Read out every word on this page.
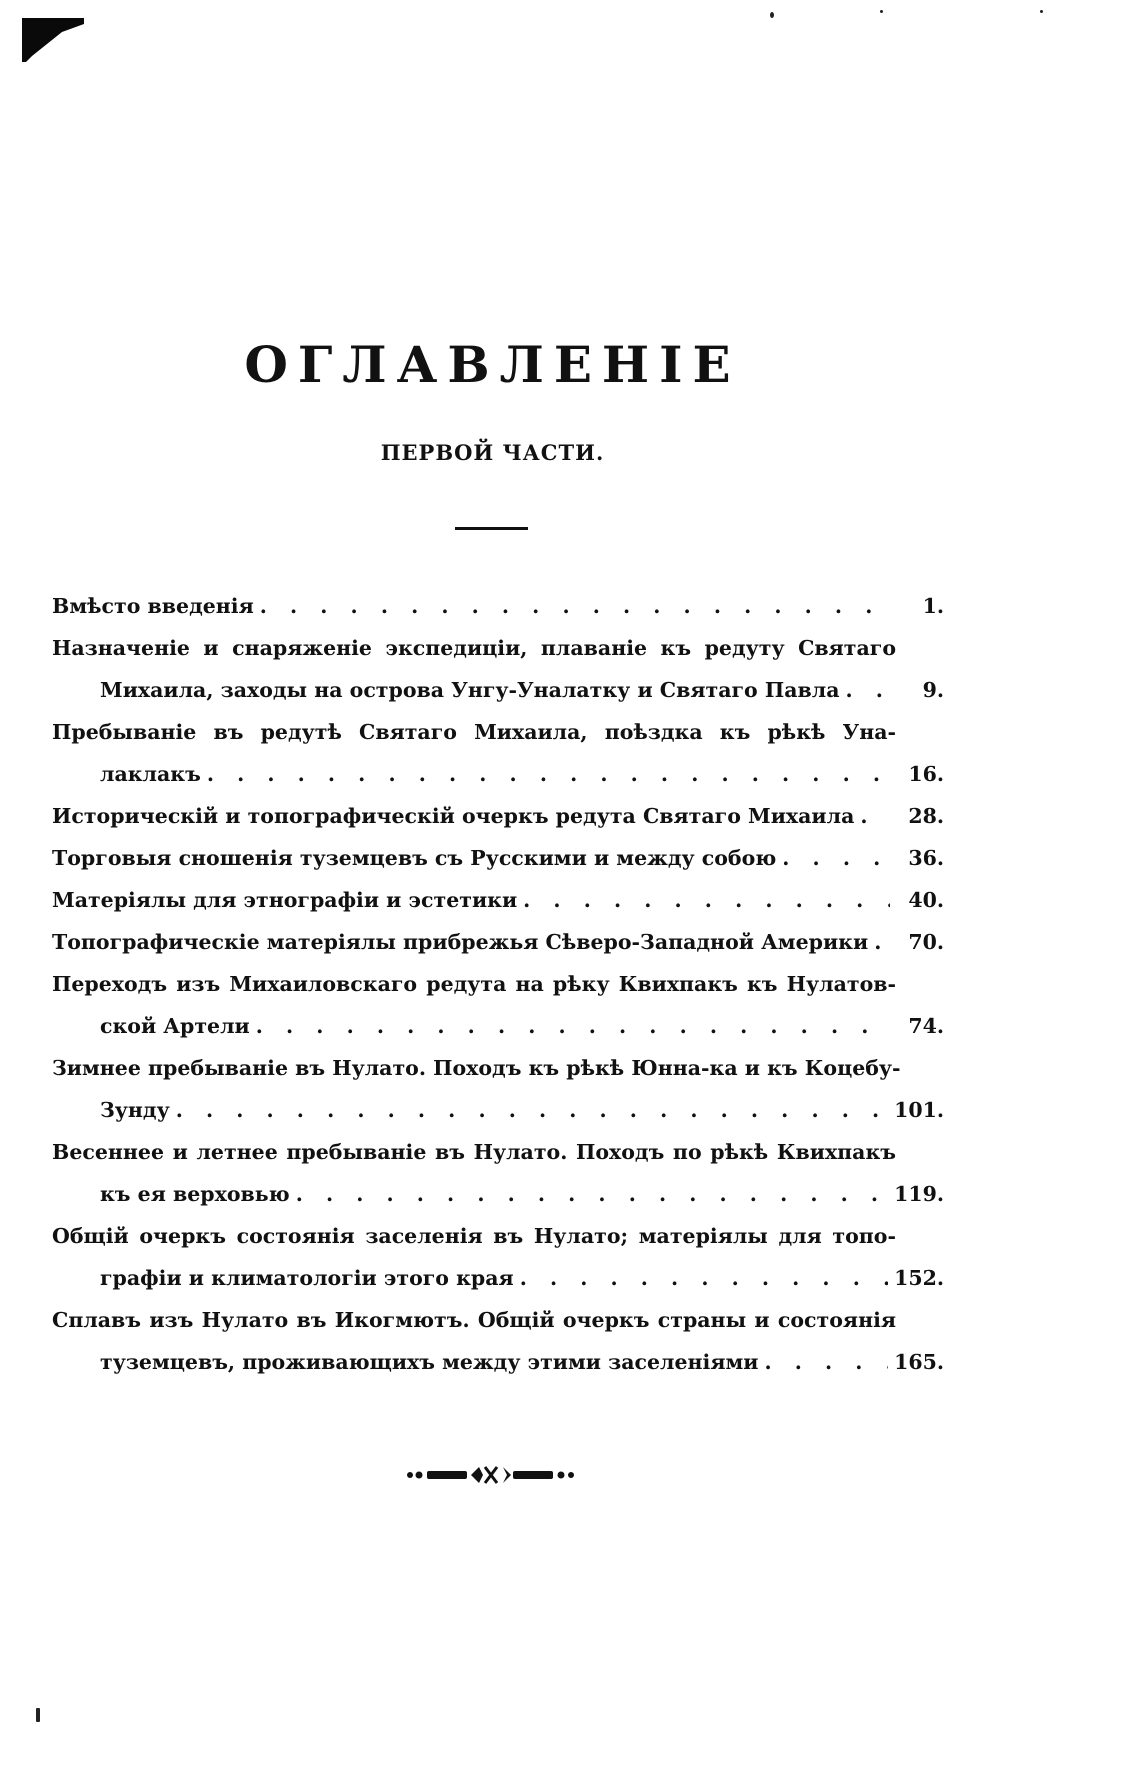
ОГЛАВЛЕНІЕ
ПЕРВОЙ ЧАСТИ.
Вмѣсто введенія . . .	1.
Назначеніе и снаряженіе экспедиціи, плаваніе къ редуту Святаго
Михаила, заходы на острова Унгу-Уналатку и Святаго Павла . . .	9.
Пребываніе въ редутѣ Святаго Михаила, поѣздка къ рѣкѣ Уна-
лаклакъ . . .	16.
Историческій и топографическій очеркъ редута Святаго Михаила . . .	28.
Торговыя сношенія туземцевъ съ Русскими и между собою . . .	36.
Матеріялы для этнографіи и эстетики . . .	40.
Топографическіе матеріялы прибрежья Сѣверо-Западной Америки . . .	70.
Переходъ изъ Михаиловскаго редута на рѣку Квихпакъ къ Нулатов-
ской Артели . . .	74.
Зимнее пребываніе въ Нулато. Походъ къ рѣкѣ Юнна-ка и къ Коцебу-
Зунду . . .	101.
Весеннее и летнее пребываніе въ Нулато. Походъ по рѣкѣ Квихпакъ
къ ея верховью . . .	119.
Общій очеркъ состоянія заселенія въ Нулато; матеріялы для топо-
графіи и климатологіи этого края . . .	152.
Сплавъ изъ Нулато въ Икогмютъ. Общій очеркъ страны и состоянія
туземцевъ, проживающихъ между этими заселеніями . . .	165.
